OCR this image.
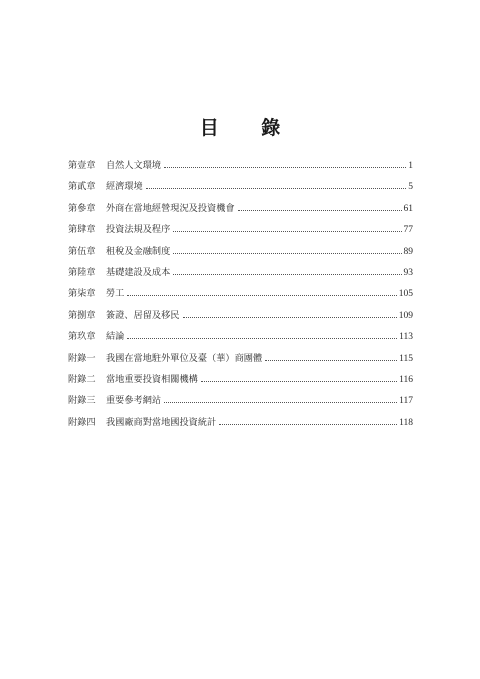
目 錄
第壹章	自然人文環境	1
第貳章	經濟環境	5
第參章	外商在當地經營現況及投資機會	61
第肆章	投資法規及程序	77
第伍章	租稅及金融制度	89
第陸章	基礎建設及成本	93
第柒章	勞工	105
第捌章	簽證、居留及移民	109
第玖章	結論	113
附錄一	我國在當地駐外單位及臺（華）商團體	115
附錄二	當地重要投資相關機構	116
附錄三	重要參考網站	117
附錄四	我國廠商對當地國投資統計	118
